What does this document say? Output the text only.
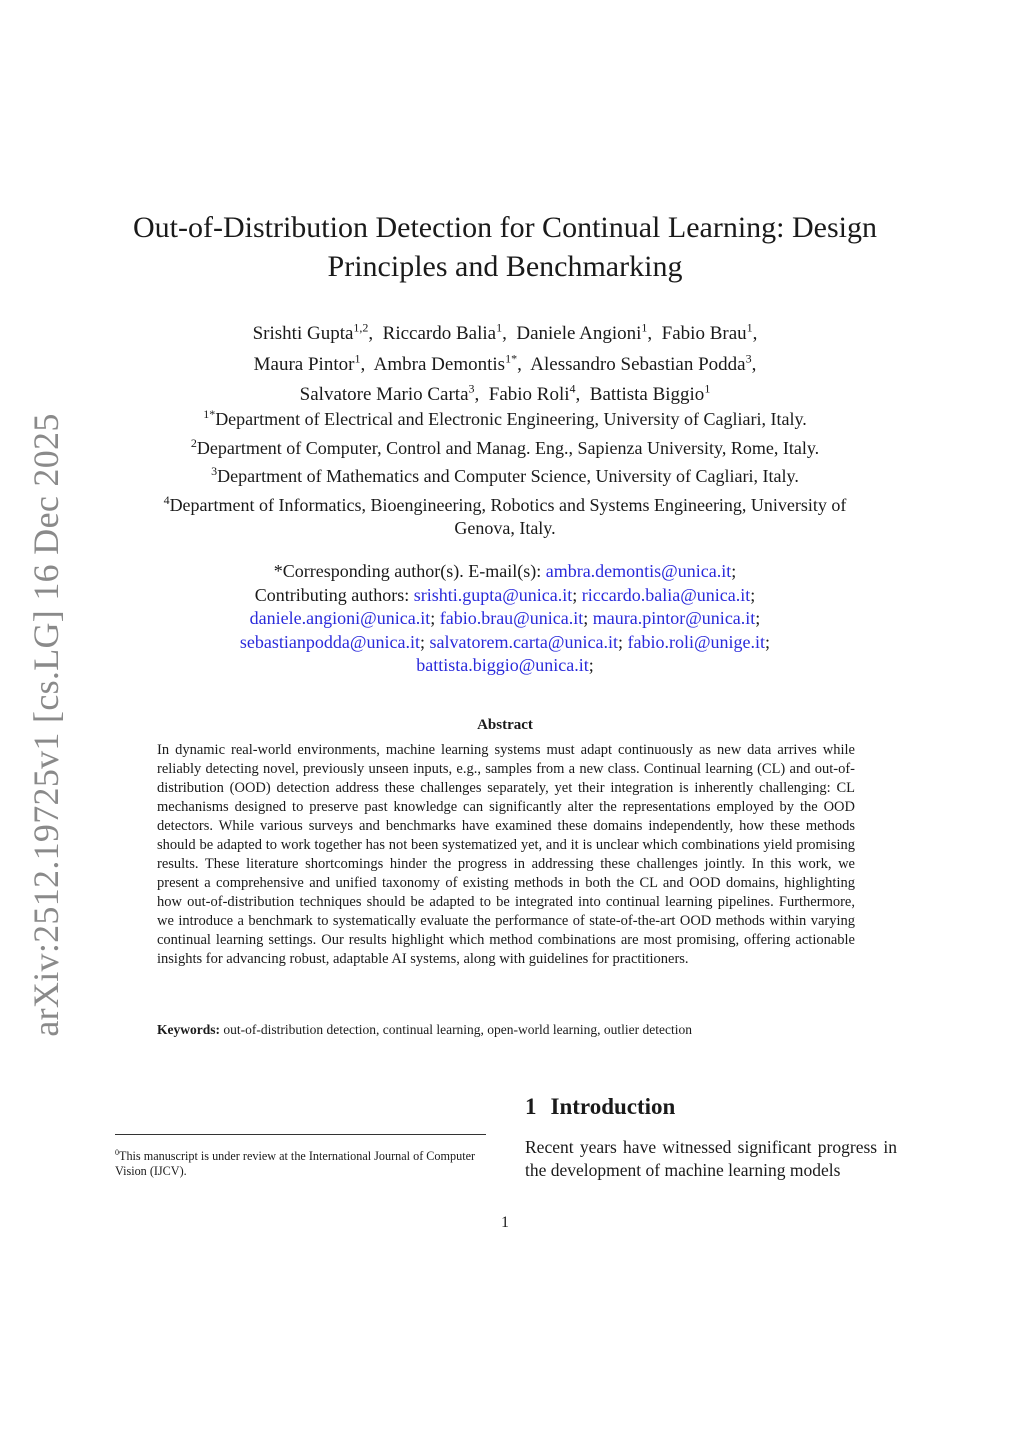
arXiv:2512.19725v1 [cs.LG] 16 Dec 2025
Out-of-Distribution Detection for Continual Learning: Design Principles and Benchmarking
Srishti Gupta$^{1,2}$, Riccardo Balia$^1$, Daniele Angioni$^1$, Fabio Brau$^1$,
Maura Pintor$^1$, Ambra Demontis$^{1*}$, Alessandro Sebastian Podda$^3$,
Salvatore Mario Carta$^3$, Fabio Roli$^4$, Battista Biggio$^1$
$^{1*}$Department of Electrical and Electronic Engineering, University of Cagliari, Italy.
$^2$Department of Computer, Control and Manag. Eng., Sapienza University, Rome, Italy.
$^3$Department of Mathematics and Computer Science, University of Cagliari, Italy.
$^4$Department of Informatics, Bioengineering, Robotics and Systems Engineering, University of Genova, Italy.
*Corresponding author(s). E-mail(s): ambra.demontis@unica.it;
Contributing authors: srishti.gupta@unica.it; riccardo.balia@unica.it;
daniele.angioni@unica.it; fabio.brau@unica.it; maura.pintor@unica.it;
sebastianpodda@unica.it; salvatorem.carta@unica.it; fabio.roli@unige.it;
battista.biggio@unica.it;
Abstract

In dynamic real-world environments, machine learning systems must adapt continuously as new data arrives while reliably detecting novel, previously unseen inputs, e.g., samples from a new class. Continual learning (CL) and out-of-distribution (OOD) detection address these challenges separately, yet their integration is inherently challenging: CL mechanisms designed to preserve past knowledge can significantly alter the representations employed by the OOD detectors. While various surveys and benchmarks have examined these domains independently, how these methods should be adapted to work together has not been systematized yet, and it is unclear which combinations yield promising results. These literature shortcomings hinder the progress in addressing these challenges jointly. In this work, we present a comprehensive and unified taxonomy of existing methods in both the CL and OOD domains, highlighting how out-of-distribution techniques should be adapted to be integrated into continual learning pipelines. Furthermore, we introduce a benchmark to systematically evaluate the performance of state-of-the-art OOD methods within varying continual learning settings. Our results highlight which method combinations are most promising, offering actionable insights for advancing robust, adaptable AI systems, along with guidelines for practitioners.

Keywords: out-of-distribution detection, continual learning, open-world learning, outlier detection
$^0$This manuscript is under review at the International Journal of Computer Vision (IJCV).
1 Introduction

Recent years have witnessed significant progress in the development of machine learning models

1
